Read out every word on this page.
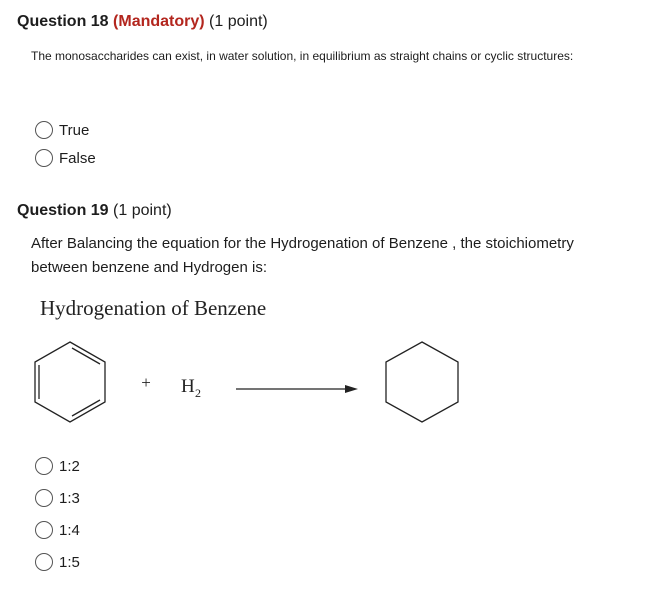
Question 18 (Mandatory) (1 point)
The monosaccharides can exist, in water solution, in equilibrium as straight chains or cyclic structures:
True
False
Question 19 (1 point)
After Balancing the equation for the Hydrogenation of Benzene , the stoichiometry between benzene and Hydrogen is:
Hydrogenation of Benzene
+ H 2
1:2
1:3
1:4
1:5
